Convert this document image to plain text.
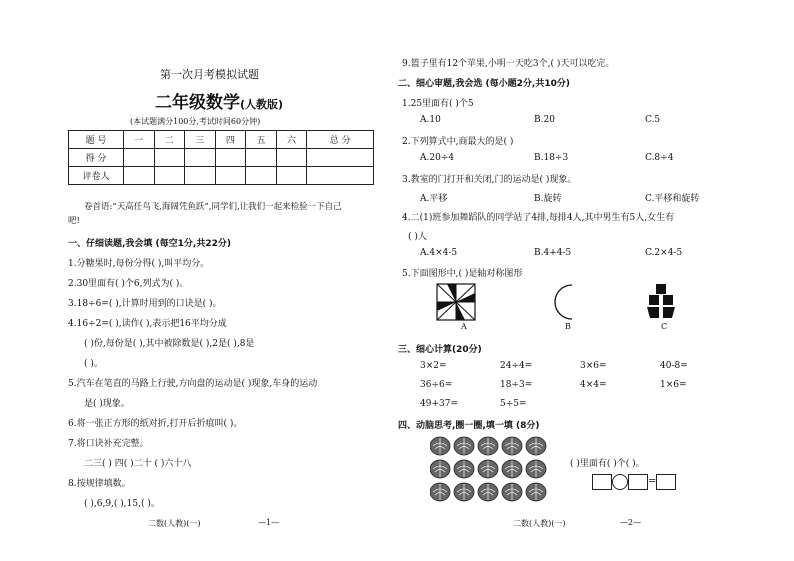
第一次月考模拟试题
二年级数学(人教版)
(本试题满分100分,考试时间60分钟)
题 号	一	二	三	四	五	六	总 分
得 分							
评卷人							
卷首语:“天高任鸟飞,海阔凭鱼跃”,同学们,让我们一起来检验一下自己
吧!
一、仔细读题,我会填 (每空1分,共22分)
1.分糖果时,每份分得( ),叫平均分。
2.30里面有( )个6,列式为( )。
3.18÷6=( ),计算时用到的口诀是( )。
4.16÷2=( ),读作( ),表示把16平均分成
( )份,每份是( ),其中被除数是( ),2是( ),8是
( )。
5.汽车在笔直的马路上行驶,方向盘的运动是( )现象,车身的运动
是( )现象。
6.将一张正方形的纸对折,打开后折痕叫( )。
7.将口诀补充完整。
二三( ) 四( )二十 ( )六十八
8.按规律填数。
( ),6,9,( ),15,( )。
二数(人教)(一)	—1—
9.篮子里有12个苹果,小明一天吃3个,( )天可以吃完。
二、细心审题,我会选 (每小题2分,共10分)
1.25里面有( )个5
A.10	B.20	C.5
2.下列算式中,商最大的是( )
A.20÷4	B.18÷3	C.8÷4
3.教室的门打开和关闭,门的运动是( )现象。
A.平移	B.旋转	C.平移和旋转
4.二(1)班参加舞蹈队的同学站了4排,每排4人,其中男生有5人,女生有
( )人
A.4×4-5	B.4+4-5	C.2×4-5
5.下面图形中,( )是轴对称图形
A	B	C
三、细心计算(20分)
3×2=	24÷4=	3×6=	40-8=
36÷6=	18÷3=	4×4=	1×6=
49+37=	5÷5=
四、动脑思考,圈一圈,填一填 (8分)
( )里面有( )个( )。
=
二数(人教)(一)	—2—
